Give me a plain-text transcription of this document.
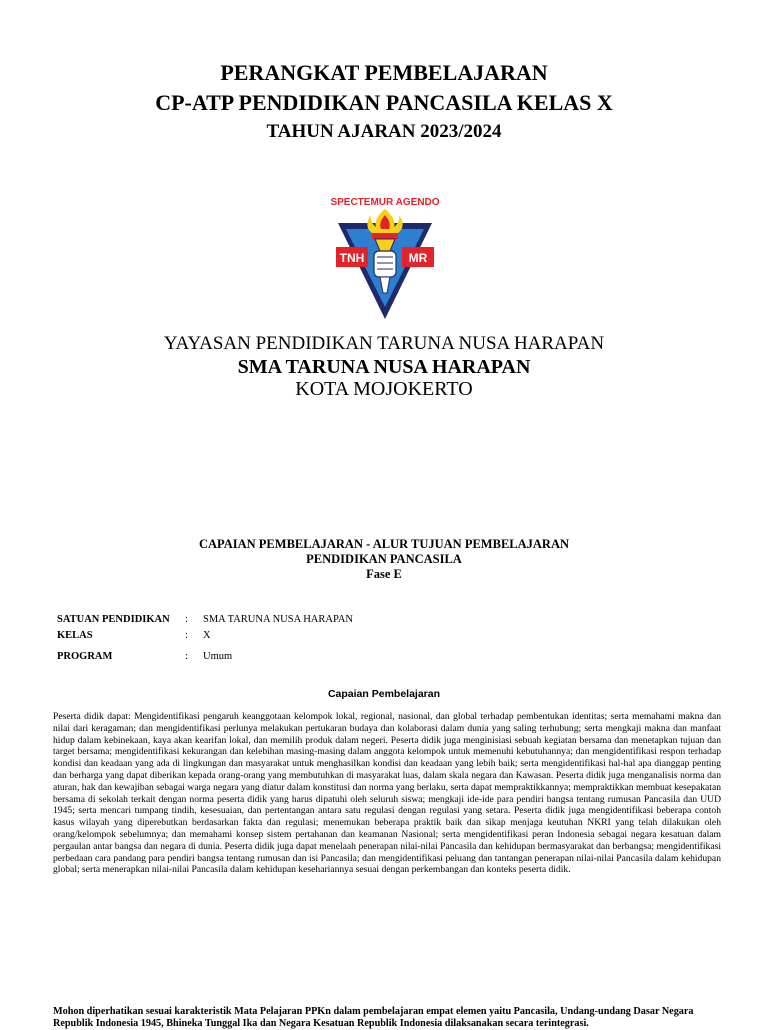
PERANGKAT PEMBELAJARAN
CP-ATP PENDIDIKAN PANCASILA KELAS X
TAHUN AJARAN 2023/2024
SPECTEMUR AGENDO
TNH	MR
YAYASAN PENDIDIKAN TARUNA NUSA HARAPAN
SMA TARUNA NUSA HARAPAN
KOTA MOJOKERTO
CAPAIAN PEMBELAJARAN - ALUR TUJUAN PEMBELAJARAN
PENDIDIKAN PANCASILA
Fase E
SATUAN PENDIDIKAN	: SMA TARUNA NUSA HARAPAN
KELAS	: X
PROGRAM	: Umum
Capaian Pembelajaran
Peserta didik dapat: Mengidentifikasi pengaruh keanggotaan kelompok lokal, regional, nasional, dan global terhadap pembentukan identitas; serta memahami makna dan nilai dari keragaman; dan mengidentifikasi perlunya melakukan pertukaran budaya dan kolaborasi dalam dunia yang saling terhubung; serta mengkaji makna dan manfaat hidup dalam kebinekaan, kaya akan kearifan lokal, dan memilih produk dalam negeri. Peserta didik juga menginisiasi sebuah kegiatan bersama dan menetapkan tujuan dan target bersama; mengidentifikasi kekurangan dan kelebihan masing-masing dalam anggota kelompok untuk memenuhi kebutuhannya; dan mengidentifikasi respon terhadap kondisi dan keadaan yang ada di lingkungan dan masyarakat untuk menghasilkan kondisi dan keadaan yang lebih baik; serta mengidentifikasi hal-hal apa dianggap penting dan berharga yang dapat diberikan kepada orang-orang yang membutuhkan di masyarakat luas, dalam skala negara dan Kawasan. Peserta didik juga menganalisis norma dan aturan, hak dan kewajiban sebagai warga negara yang diatur dalam konstitusi dan norma yang berlaku, serta dapat mempraktikkannya; mempraktikkan membuat kesepakatan bersama di sekolah terkait dengan norma peserta didik yang harus dipatuhi oleh seluruh siswa; mengkaji ide-ide para pendiri bangsa tentang rumusan Pancasila dan UUD 1945; serta mencari tumpang tindih, kesesuaian, dan pertentangan antara satu regulasi dengan regulasi yang setara. Peserta didik juga mengidentifikasi beberapa contoh kasus wilayah yang diperebutkan berdasarkan fakta dan regulasi; menemukan beberapa praktik baik dan sikap menjaga keutuhan NKRI yang telah dilakukan oleh orang/kelompok sebelumnya; dan memahami konsep sistem pertahanan dan keamanan Nasional; serta mengidentifikasi peran Indonesia sebagai negara kesatuan dalam pergaulan antar bangsa dan negara di dunia. Peserta didik juga dapat menelaah penerapan nilai-nilai Pancasila dan kehidupan bermasyarakat dan berbangsa; mengidentifikasi perbedaan cara pandang para pendiri bangsa tentang rumusan dan isi Pancasila; dan mengidentifikasi peluang dan tantangan penerapan nilai-nilai Pancasila dalam kehidupan global; serta menerapkan nilai-nilai Pancasila dalam kehidupan kesehariannya sesuai dengan perkembangan dan konteks peserta didik.
Mohon diperhatikan sesuai karakteristik Mata Pelajaran PPKn dalam pembelajaran empat elemen yaitu Pancasila, Undang-undang Dasar Negara Republik Indonesia 1945, Bhineka Tunggal Ika dan Negara Kesatuan Republik Indonesia dilaksanakan secara terintegrasi.
